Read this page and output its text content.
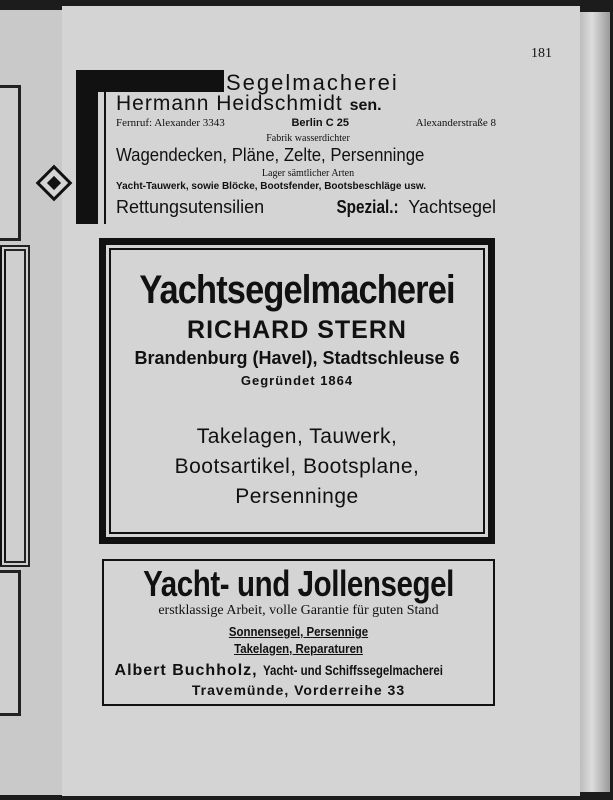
181
Segelmacherei
Hermann Heidschmidt sen.
Fernruf: Alexander 3343	Berlin C 25	Alexanderstraße 8
Fabrik wasserdichter
Wagendecken, Pläne, Zelte, Persenninge
Lager sämtlicher Arten
Yacht-Tauwerk, sowie Blöcke, Bootsfender, Bootsbeschläge usw.
Rettungsutensilien	Spezial.: Yachtsegel
Yachtsegelmacherei
RICHARD STERN
Brandenburg (Havel), Stadtschleuse 6
Gegründet 1864
Takelagen, Tauwerk,
Bootsartikel, Bootsplane,
Persenninge
Yacht- und Jollensegel
erstklassige Arbeit, volle Garantie für guten Stand
Sonnensegel, Persennige
Takelagen, Reparaturen
Albert Buchholz, Yacht- und Schiffssegelmacherei
Travemünde, Vorderreihe 33
